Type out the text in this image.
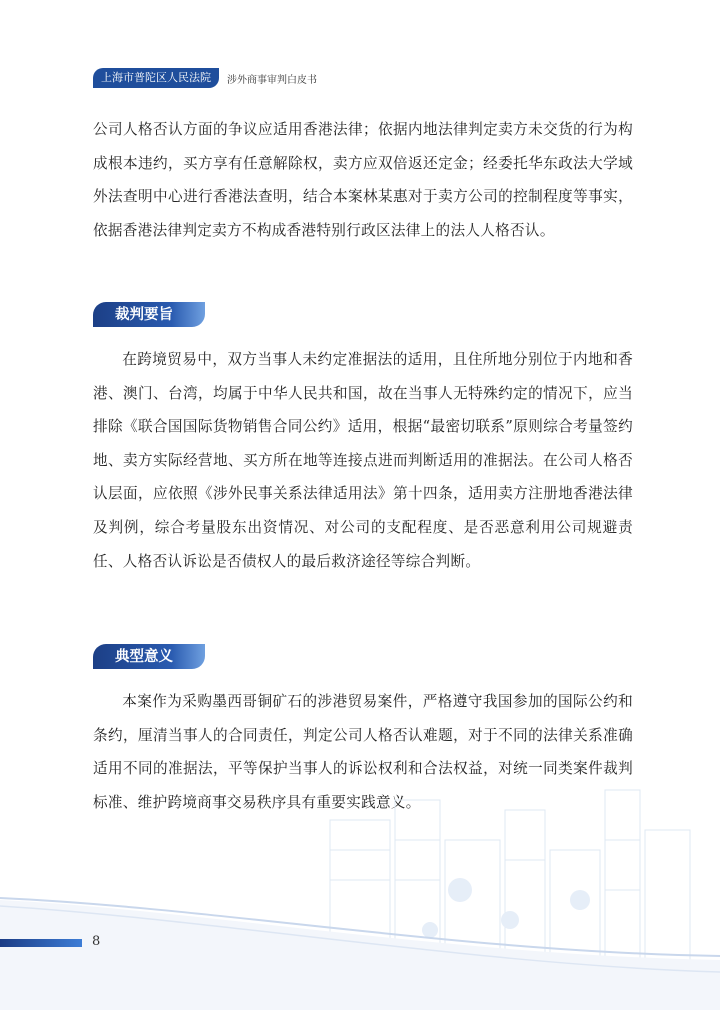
上海市普陀区人民法院	涉外商事审判白皮书

公司人格否认方面的争议应适用香港法律；依据内地法律判定卖方未交货的行为构成根本违约，买方享有任意解除权，卖方应双倍返还定金；经委托华东政法大学域外法查明中心进行香港法查明，结合本案林某惠对于卖方公司的控制程度等事实，依据香港法律判定卖方不构成香港特别行政区法律上的法人人格否认。

裁判要旨

在跨境贸易中，双方当事人未约定准据法的适用，且住所地分别位于内地和香港、澳门、台湾，均属于中华人民共和国，故在当事人无特殊约定的情况下，应当排除《联合国国际货物销售合同公约》适用，根据“最密切联系”原则综合考量签约地、卖方实际经营地、买方所在地等连接点进而判断适用的准据法。在公司人格否认层面，应依照《涉外民事关系法律适用法》第十四条，适用卖方注册地香港法律及判例，综合考量股东出资情况、对公司的支配程度、是否恶意利用公司规避责任、人格否认诉讼是否债权人的最后救济途径等综合判断。

典型意义

本案作为采购墨西哥铜矿石的涉港贸易案件，严格遵守我国参加的国际公约和条约，厘清当事人的合同责任，判定公司人格否认难题，对于不同的法律关系准确适用不同的准据法，平等保护当事人的诉讼权利和合法权益，对统一同类案件裁判标准、维护跨境商事交易秩序具有重要实践意义。

8
